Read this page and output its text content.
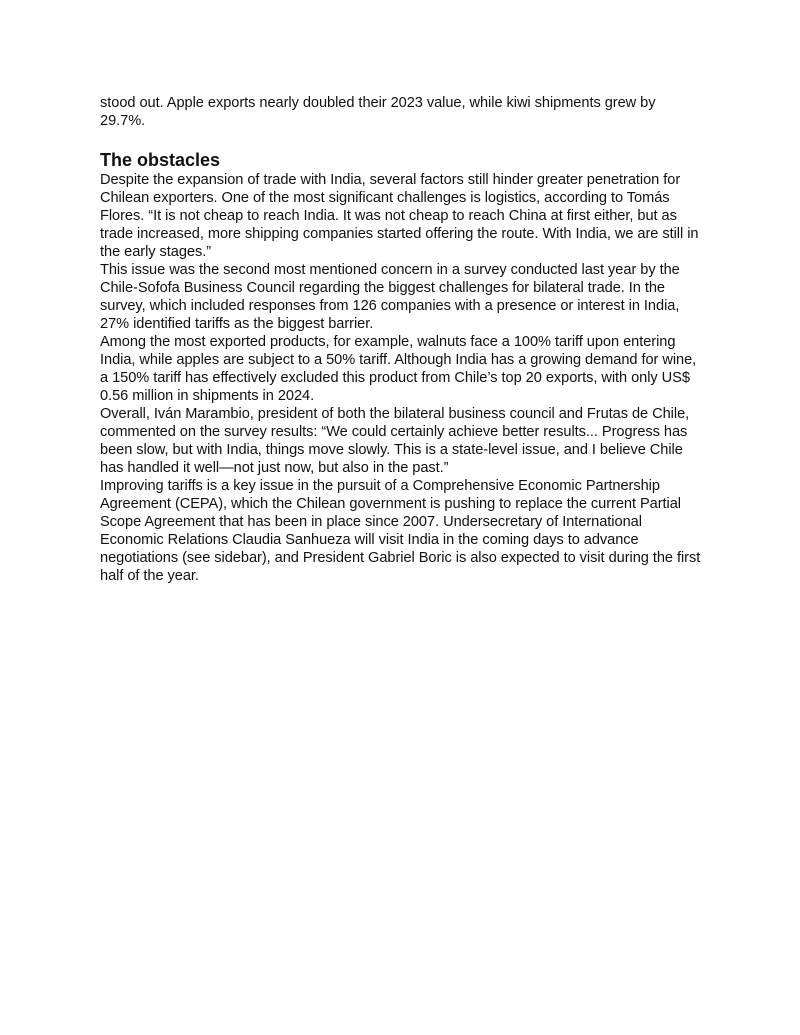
stood out. Apple exports nearly doubled their 2023 value, while kiwi shipments grew by 29.7%.

The obstacles

Despite the expansion of trade with India, several factors still hinder greater penetration for Chilean exporters. One of the most significant challenges is logistics, according to Tomás Flores. “It is not cheap to reach India. It was not cheap to reach China at first either, but as trade increased, more shipping companies started offering the route. With India, we are still in the early stages.”

This issue was the second most mentioned concern in a survey conducted last year by the Chile-Sofofa Business Council regarding the biggest challenges for bilateral trade. In the survey, which included responses from 126 companies with a presence or interest in India, 27% identified tariffs as the biggest barrier.

Among the most exported products, for example, walnuts face a 100% tariff upon entering India, while apples are subject to a 50% tariff. Although India has a growing demand for wine, a 150% tariff has effectively excluded this product from Chile’s top 20 exports, with only US$ 0.56 million in shipments in 2024.

Overall, Iván Marambio, president of both the bilateral business council and Frutas de Chile, commented on the survey results: “We could certainly achieve better results... Progress has been slow, but with India, things move slowly. This is a state-level issue, and I believe Chile has handled it well—not just now, but also in the past.”

Improving tariffs is a key issue in the pursuit of a Comprehensive Economic Partnership Agreement (CEPA), which the Chilean government is pushing to replace the current Partial Scope Agreement that has been in place since 2007. Undersecretary of International Economic Relations Claudia Sanhueza will visit India in the coming days to advance negotiations (see sidebar), and President Gabriel Boric is also expected to visit during the first half of the year.
